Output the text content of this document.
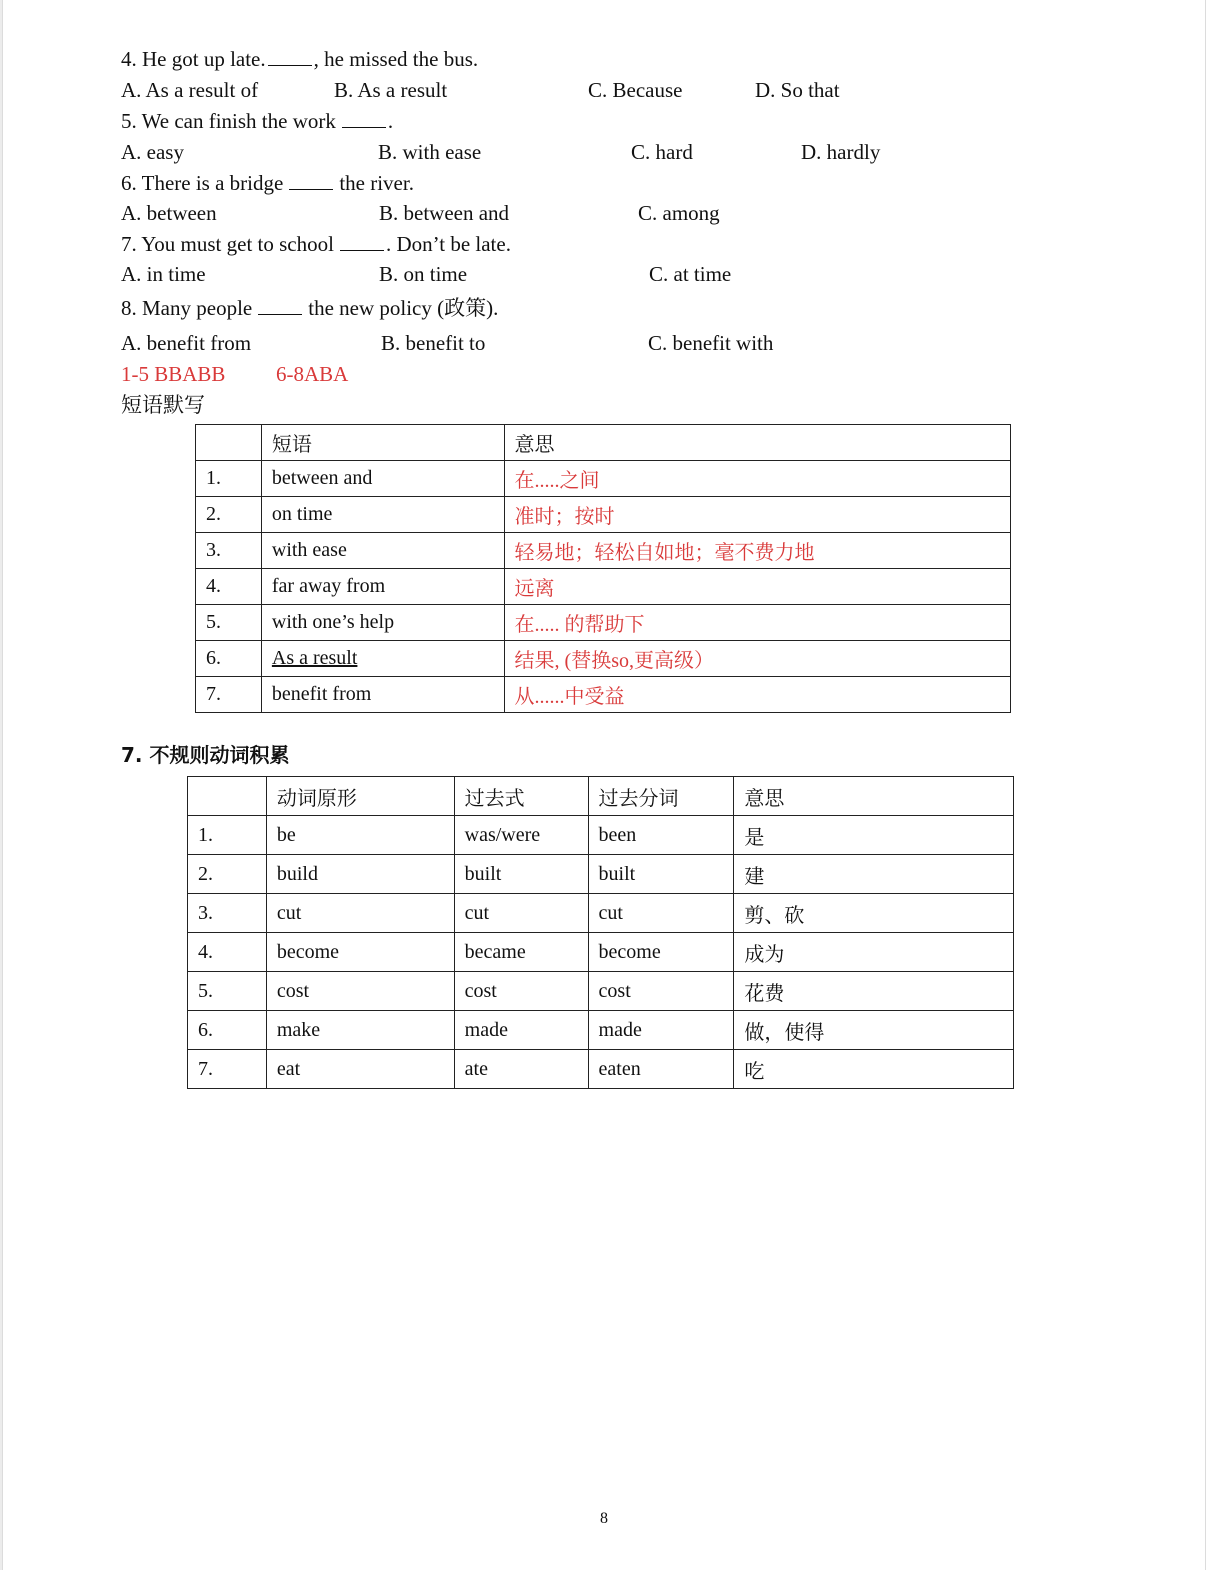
4. He got up late. , he missed the bus.
A. As a result of	B. As a result	C. Because	D. So that
5. We can finish the work .
A. easy	B. with ease	C. hard	D. hardly
6. There is a bridge	the river.
A. between	B. between and	C. among
7. You must get to school . Don’t be late.
A. in time	B. on time	C. at time
8. Many people	the new policy (政策).
A. benefit from	B. benefit to	C. benefit with
1-5 BBABB 6-8ABA
短语默写
	短语	意思
1.	between and	在.....之间
2.	on time	准时；按时
3.	with ease	轻易地；轻松自如地；毫不费力地
4.	far away from	远离
5.	with one’s help	在..... 的帮助下
6.	As a result	结果, (替换so,更高级）
7.	benefit from	从......中受益
7. 不规则动词积累
	动词原形	过去式	过去分词	意思
1.	be	was/were	been	是
2.	build	built	built	建
3.	cut	cut	cut	剪、砍
4.	become	became	become	成为
5.	cost	cost	cost	花费
6.	make	made	made	做，使得
7.	eat	ate	eaten	吃
8
